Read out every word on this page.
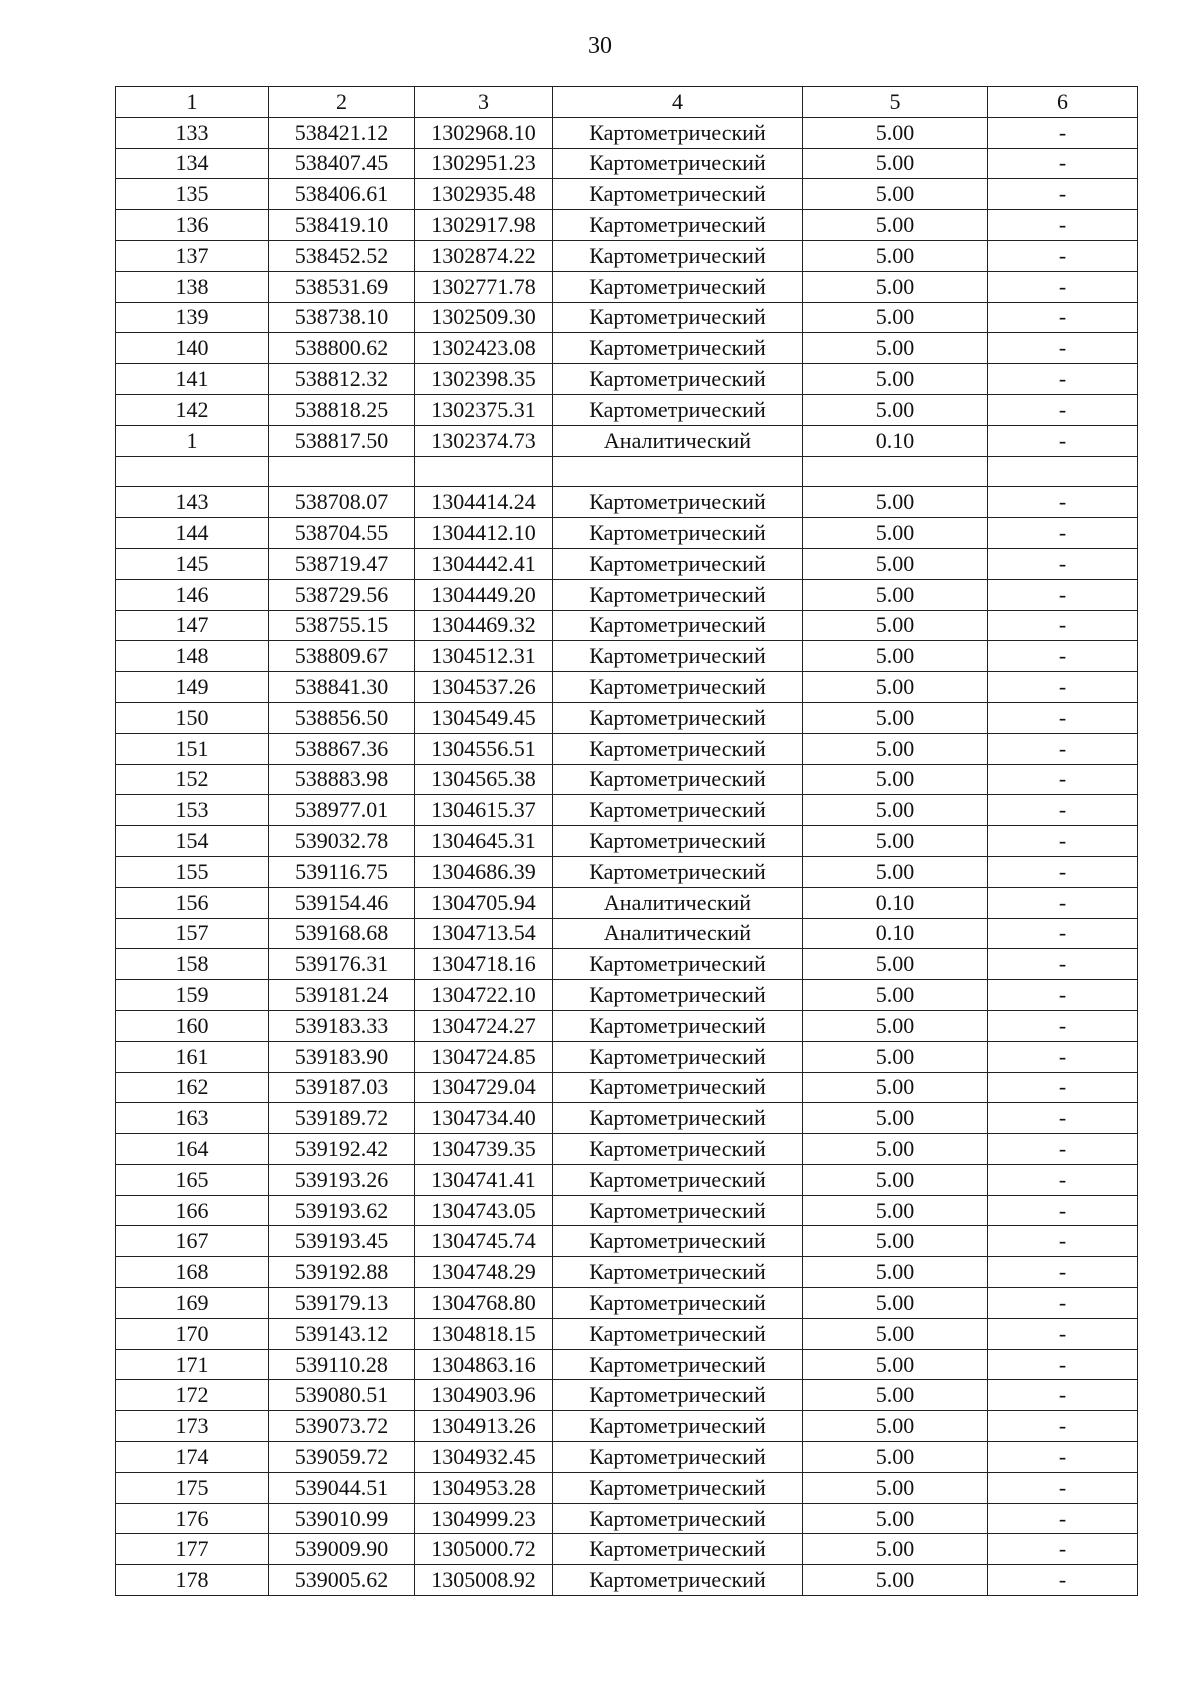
30
1	2	3	4	5	6
133	538421.12	1302968.10	Картометрический	5.00	-
134	538407.45	1302951.23	Картометрический	5.00	-
135	538406.61	1302935.48	Картометрический	5.00	-
136	538419.10	1302917.98	Картометрический	5.00	-
137	538452.52	1302874.22	Картометрический	5.00	-
138	538531.69	1302771.78	Картометрический	5.00	-
139	538738.10	1302509.30	Картометрический	5.00	-
140	538800.62	1302423.08	Картометрический	5.00	-
141	538812.32	1302398.35	Картометрический	5.00	-
142	538818.25	1302375.31	Картометрический	5.00	-
1	538817.50	1302374.73	Аналитический	0.10	-

143	538708.07	1304414.24	Картометрический	5.00	-
144	538704.55	1304412.10	Картометрический	5.00	-
145	538719.47	1304442.41	Картометрический	5.00	-
146	538729.56	1304449.20	Картометрический	5.00	-
147	538755.15	1304469.32	Картометрический	5.00	-
148	538809.67	1304512.31	Картометрический	5.00	-
149	538841.30	1304537.26	Картометрический	5.00	-
150	538856.50	1304549.45	Картометрический	5.00	-
151	538867.36	1304556.51	Картометрический	5.00	-
152	538883.98	1304565.38	Картометрический	5.00	-
153	538977.01	1304615.37	Картометрический	5.00	-
154	539032.78	1304645.31	Картометрический	5.00	-
155	539116.75	1304686.39	Картометрический	5.00	-
156	539154.46	1304705.94	Аналитический	0.10	-
157	539168.68	1304713.54	Аналитический	0.10	-
158	539176.31	1304718.16	Картометрический	5.00	-
159	539181.24	1304722.10	Картометрический	5.00	-
160	539183.33	1304724.27	Картометрический	5.00	-
161	539183.90	1304724.85	Картометрический	5.00	-
162	539187.03	1304729.04	Картометрический	5.00	-
163	539189.72	1304734.40	Картометрический	5.00	-
164	539192.42	1304739.35	Картометрический	5.00	-
165	539193.26	1304741.41	Картометрический	5.00	-
166	539193.62	1304743.05	Картометрический	5.00	-
167	539193.45	1304745.74	Картометрический	5.00	-
168	539192.88	1304748.29	Картометрический	5.00	-
169	539179.13	1304768.80	Картометрический	5.00	-
170	539143.12	1304818.15	Картометрический	5.00	-
171	539110.28	1304863.16	Картометрический	5.00	-
172	539080.51	1304903.96	Картометрический	5.00	-
173	539073.72	1304913.26	Картометрический	5.00	-
174	539059.72	1304932.45	Картометрический	5.00	-
175	539044.51	1304953.28	Картометрический	5.00	-
176	539010.99	1304999.23	Картометрический	5.00	-
177	539009.90	1305000.72	Картометрический	5.00	-
178	539005.62	1305008.92	Картометрический	5.00	-
